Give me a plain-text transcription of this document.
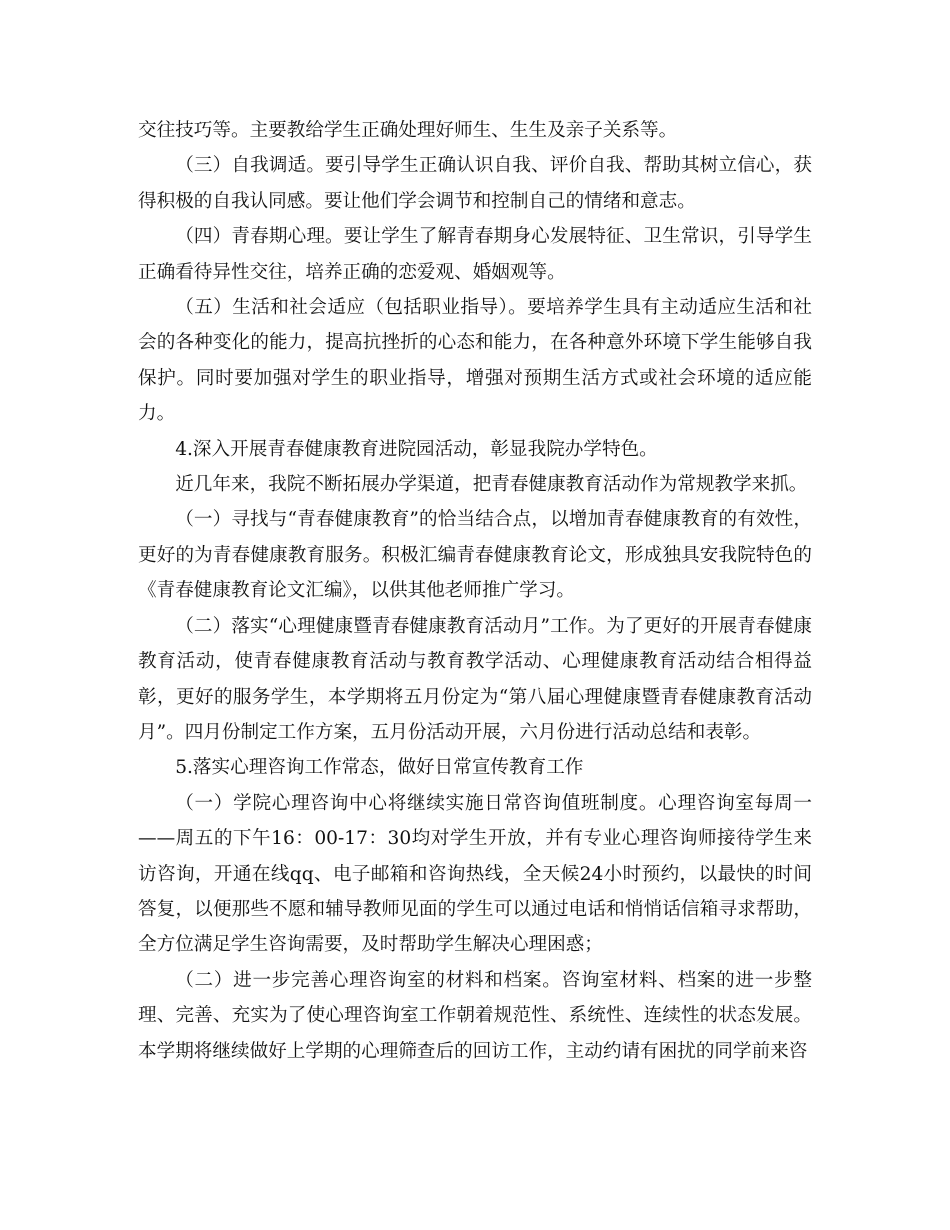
交往技巧等。主要教给学生正确处理好师生、生生及亲子关系等。

（三）自我调适。要引导学生正确认识自我、评价自我、帮助其树立信心，获得积极的自我认同感。要让他们学会调节和控制自己的情绪和意志。

（四）青春期心理。要让学生了解青春期身心发展特征、卫生常识，引导学生正确看待异性交往，培养正确的恋爱观、婚姻观等。

（五）生活和社会适应（包括职业指导）。要培养学生具有主动适应生活和社会的各种变化的能力，提高抗挫折的心态和能力，在各种意外环境下学生能够自我保护。同时要加强对学生的职业指导，增强对预期生活方式或社会环境的适应能力。

4.深入开展青春健康教育进院园活动，彰显我院办学特色。

近几年来，我院不断拓展办学渠道，把青春健康教育活动作为常规教学来抓。

（一）寻找与“青春健康教育”的恰当结合点，以增加青春健康教育的有效性，更好的为青春健康教育服务。积极汇编青春健康教育论文，形成独具安我院特色的《青春健康教育论文汇编》，以供其他老师推广学习。

（二）落实“心理健康暨青春健康教育活动月”工作。为了更好的开展青春健康教育活动，使青春健康教育活动与教育教学活动、心理健康教育活动结合相得益彰，更好的服务学生，本学期将五月份定为“第八届心理健康暨青春健康教育活动月”。四月份制定工作方案，五月份活动开展，六月份进行活动总结和表彰。

5.落实心理咨询工作常态，做好日常宣传教育工作

（一）学院心理咨询中心将继续实施日常咨询值班制度。心理咨询室每周一——周五的下午16：00-17：30均对学生开放，并有专业心理咨询师接待学生来访咨询，开通在线qq、电子邮箱和咨询热线，全天候24小时预约，以最快的时间答复，以便那些不愿和辅导教师见面的学生可以通过电话和悄悄话信箱寻求帮助，全方位满足学生咨询需要，及时帮助学生解决心理困惑；

（二）进一步完善心理咨询室的材料和档案。咨询室材料、档案的进一步整理、完善、充实为了使心理咨询室工作朝着规范性、系统性、连续性的状态发展。本学期将继续做好上学期的心理筛查后的回访工作，主动约请有困扰的同学前来咨
